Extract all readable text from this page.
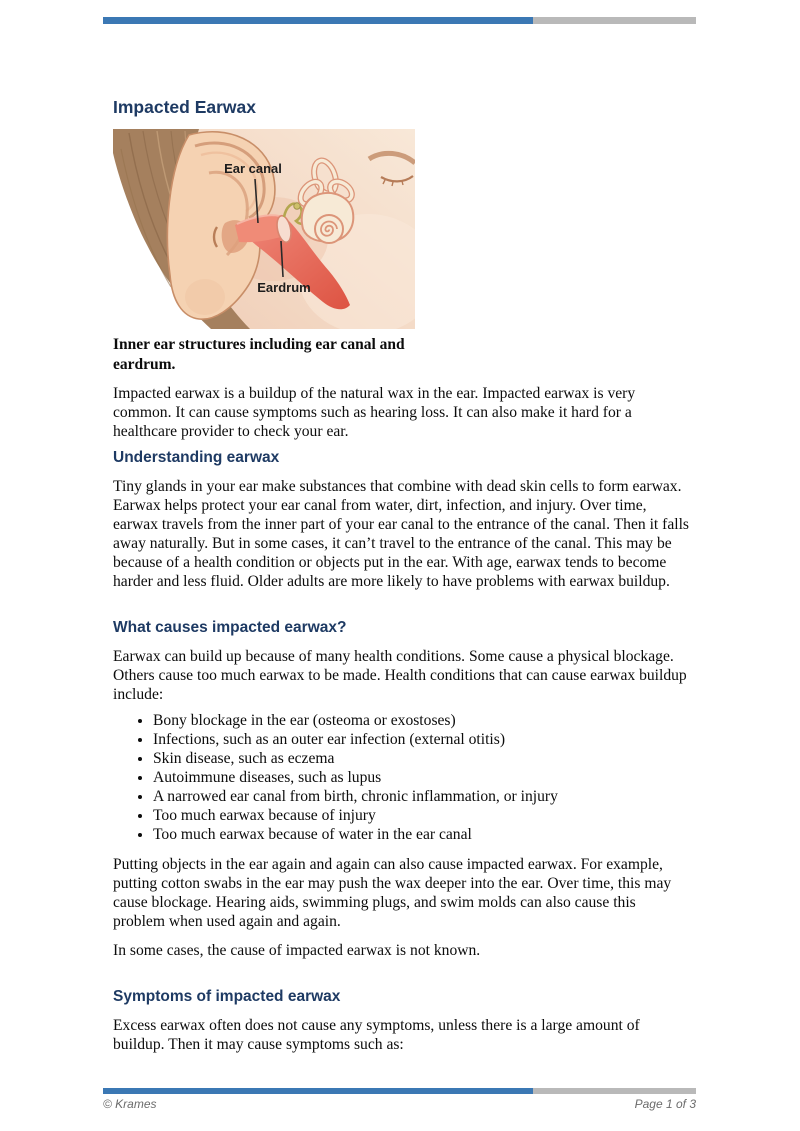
Impacted Earwax
Ear canal
Eardrum
Inner ear structures including ear canal and eardrum.

Impacted earwax is a buildup of the natural wax in the ear. Impacted earwax is very common. It can cause symptoms such as hearing loss. It can also make it hard for a healthcare provider to check your ear.

Understanding earwax

Tiny glands in your ear make substances that combine with dead skin cells to form earwax. Earwax helps protect your ear canal from water, dirt, infection, and injury. Over time, earwax travels from the inner part of your ear canal to the entrance of the canal. Then it falls away naturally. But in some cases, it can’t travel to the entrance of the canal. This may be because of a health condition or objects put in the ear. With age, earwax tends to become harder and less fluid. Older adults are more likely to have problems with earwax buildup.

What causes impacted earwax?

Earwax can build up because of many health conditions. Some cause a physical blockage. Others cause too much earwax to be made. Health conditions that can cause earwax buildup include:

• Bony blockage in the ear (osteoma or exostoses)
• Infections, such as an outer ear infection (external otitis)
• Skin disease, such as eczema
• Autoimmune diseases, such as lupus
• A narrowed ear canal from birth, chronic inflammation, or injury
• Too much earwax because of injury
• Too much earwax because of water in the ear canal

Putting objects in the ear again and again can also cause impacted earwax. For example, putting cotton swabs in the ear may push the wax deeper into the ear. Over time, this may cause blockage. Hearing aids, swimming plugs, and swim molds can also cause this problem when used again and again.

In some cases, the cause of impacted earwax is not known.

Symptoms of impacted earwax

Excess earwax often does not cause any symptoms, unless there is a large amount of buildup. Then it may cause symptoms such as:

© Krames	Page 1 of 3
